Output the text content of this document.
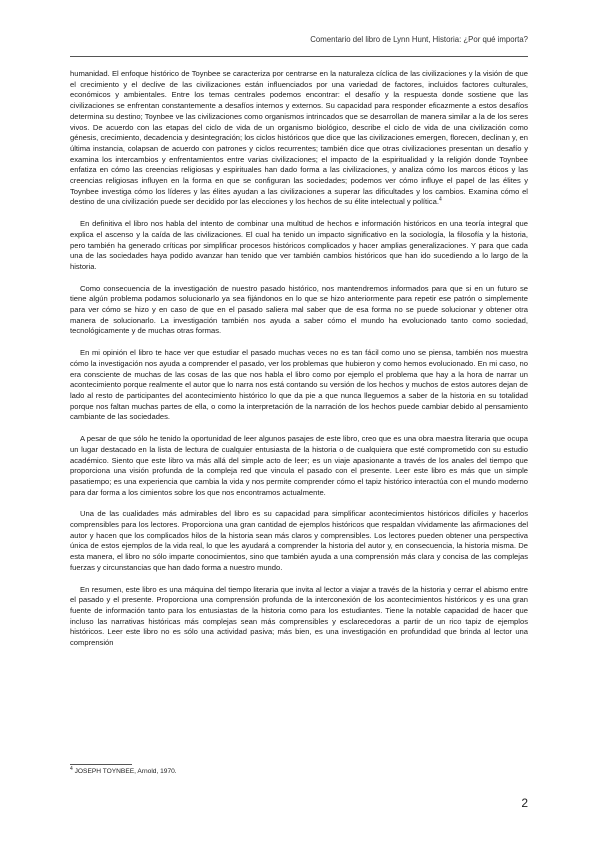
Comentario del libro de Lynn Hunt, Historia: ¿Por qué importa?

humanidad. El enfoque histórico de Toynbee se caracteriza por centrarse en la naturaleza cíclica de las civilizaciones y la visión de que el crecimiento y el declive de las civilizaciones están influenciados por una variedad de factores, incluidos factores culturales, económicos y ambientales. Entre los temas centrales podemos encontrar: el desafío y la respuesta donde sostiene que las civilizaciones se enfrentan constantemente a desafíos internos y externos. Su capacidad para responder eficazmente a estos desafíos determina su destino; Toynbee ve las civilizaciones como organismos intrincados que se desarrollan de manera similar a la de los seres vivos. De acuerdo con las etapas del ciclo de vida de un organismo biológico, describe el ciclo de vida de una civilización como génesis, crecimiento, decadencia y desintegración; los ciclos históricos que dice que las civilizaciones emergen, florecen, declinan y, en última instancia, colapsan de acuerdo con patrones y ciclos recurrentes; también dice que otras civilizaciones presentan un desafío y examina los intercambios y enfrentamientos entre varias civilizaciones; el impacto de la espiritualidad y la religión donde Toynbee enfatiza en cómo las creencias religiosas y espirituales han dado forma a las civilizaciones, y analiza cómo los marcos éticos y las creencias religiosas influyen en la forma en que se configuran las sociedades; podemos ver cómo influye el papel de las élites y Toynbee investiga cómo los líderes y las élites ayudan a las civilizaciones a superar las dificultades y los cambios. Examina cómo el destino de una civilización puede ser decidido por las elecciones y los hechos de su élite intelectual y política.$^4$

En definitiva el libro nos habla del intento de combinar una multitud de hechos e información históricos en una teoría integral que explica el ascenso y la caída de las civilizaciones. El cual ha tenido un impacto significativo en la sociología, la filosofía y la historia, pero también ha generado críticas por simplificar procesos históricos complicados y hacer amplias generalizaciones. Y para que cada una de las sociedades haya podido avanzar han tenido que ver también cambios históricos que han ido sucediendo a lo largo de la historia.

Como consecuencia de la investigación de nuestro pasado histórico, nos mantendremos informados para que si en un futuro se tiene algún problema podamos solucionarlo ya sea fijándonos en lo que se hizo anteriormente para repetir ese patrón o simplemente para ver cómo se hizo y en caso de que en el pasado saliera mal saber que de esa forma no se puede solucionar y obtener otra manera de solucionarlo. La investigación también nos ayuda a saber cómo el mundo ha evolucionado tanto como sociedad, tecnológicamente y de muchas otras formas.

En mi opinión el libro te hace ver que estudiar el pasado muchas veces no es tan fácil como uno se piensa, también nos muestra cómo la investigación nos ayuda a comprender el pasado, ver los problemas que hubieron y como hemos evolucionado. En mi caso, no era consciente de muchas de las cosas de las que nos habla el libro como por ejemplo el problema que hay a la hora de narrar un acontecimiento porque realmente el autor que lo narra nos está contando su versión de los hechos y muchos de estos autores dejan de lado al resto de participantes del acontecimiento histórico lo que da pie a que nunca lleguemos a saber de la historia en su totalidad porque nos faltan muchas partes de ella, o como la interpretación de la narración de los hechos puede cambiar debido al pensamiento cambiante de las sociedades.

A pesar de que sólo he tenido la oportunidad de leer algunos pasajes de este libro, creo que es una obra maestra literaria que ocupa un lugar destacado en la lista de lectura de cualquier entusiasta de la historia o de cualquiera que esté comprometido con su estudio académico. Siento que este libro va más allá del simple acto de leer; es un viaje apasionante a través de los anales del tiempo que proporciona una visión profunda de la compleja red que vincula el pasado con el presente. Leer este libro es más que un simple pasatiempo; es una experiencia que cambia la vida y nos permite comprender cómo el tapiz histórico interactúa con el mundo moderno para dar forma a los cimientos sobre los que nos encontramos actualmente.

Una de las cualidades más admirables del libro es su capacidad para simplificar acontecimientos históricos difíciles y hacerlos comprensibles para los lectores. Proporciona una gran cantidad de ejemplos históricos que respaldan vívidamente las afirmaciones del autor y hacen que los complicados hilos de la historia sean más claros y comprensibles. Los lectores pueden obtener una perspectiva única de estos ejemplos de la vida real, lo que les ayudará a comprender la historia del autor y, en consecuencia, la historia misma. De esta manera, el libro no sólo imparte conocimientos, sino que también ayuda a una comprensión más clara y concisa de las complejas fuerzas y circunstancias que han dado forma a nuestro mundo.

En resumen, este libro es una máquina del tiempo literaria que invita al lector a viajar a través de la historia y cerrar el abismo entre el pasado y el presente. Proporciona una comprensión profunda de la interconexión de los acontecimientos históricos y es una gran fuente de información tanto para los entusiastas de la historia como para los estudiantes. Tiene la notable capacidad de hacer que incluso las narrativas históricas más complejas sean más comprensibles y esclarecedoras a partir de un rico tapiz de ejemplos históricos. Leer este libro no es sólo una actividad pasiva; más bien, es una investigación en profundidad que brinda al lector una comprensión

$^4$ JOSEPH TOYNBEE, Arnold, 1970.
2
